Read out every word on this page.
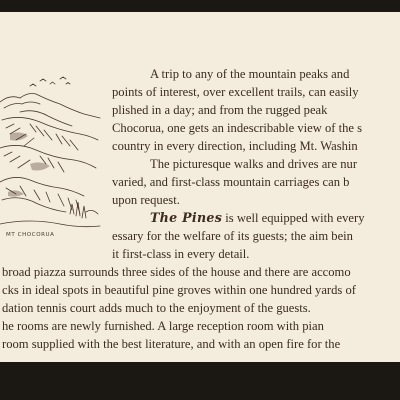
MT CHOCORUA

A trip to any of the mountain peaks and

points of interest, over excellent trails, can easily

plished in a day; and from the rugged peak

Chocorua, one gets an indescribable view of the s

country in every direction, including Mt. Washin

The picturesque walks and drives are nur

varied, and first-class mountain carriages can b

upon request.

The Pines is well equipped with every

essary for the welfare of its guests; the aim bein

it first-class in every detail.

broad piazza surrounds three sides of the house and there are accomo

cks in ideal spots in beautiful pine groves within one hundred yards of

dation tennis court adds much to the enjoyment of the guests.

he rooms are newly furnished. A large reception room with pian

room supplied with the best literature, and with an open fire for the
